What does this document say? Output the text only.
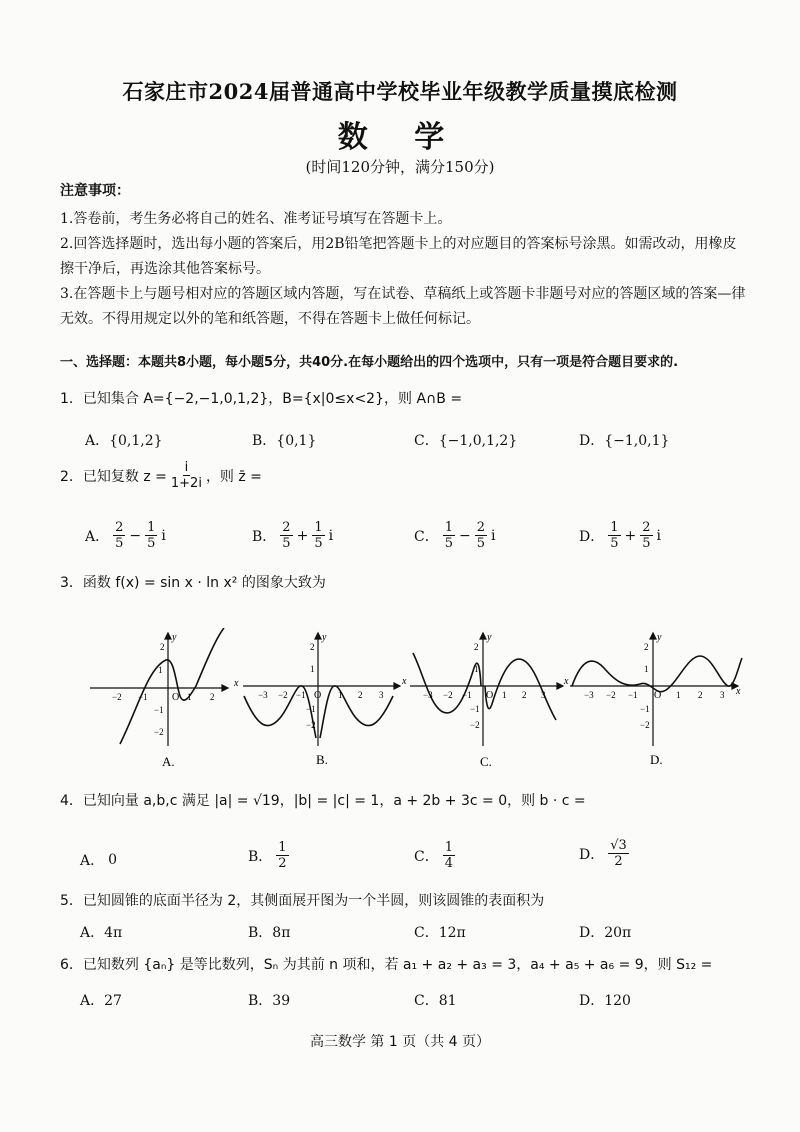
石家庄市2024届普通高中学校毕业年级教学质量摸底检测
数 学
(时间120分钟，满分150分)
注意事项：
1.答卷前，考生务必将自己的姓名、准考证号填写在答题卡上。
2.回答选择题时，选出每小题的答案后，用2B铅笔把答题卡上的对应题目的答案标号涂黑。如需改动，用橡皮擦干净后，再选涂其他答案标号。
3.在答题卡上与题号相对应的答题区域内答题，写在试卷、草稿纸上或答题卡非题号对应的答题区域的答案—律无效。不得用规定以外的笔和纸答题，不得在答题卡上做任何标记。
一、选择题：本题共8小题，每小题5分，共40分.在每小题给出的四个选项中，只有一项是符合题目要求的.
1．已知集合 A={−2,−1,0,1,2}，B={x|0≤x<2}，则 A∩B =
A．{0,1,2}	B．{0,1}	C．{−1,0,1,2}	D．{−1,0,1}
2．已知复数 $z = \frac{i}{1+2i}$ ，则 z̄ =
A． $\frac{2}{5} - \frac{1}{5}$ i	B． $\frac{2}{5} + \frac{1}{5}$ i	C． $\frac{1}{5} - \frac{2}{5}$ i	D． $\frac{1}{5} + \frac{2}{5}$ i
3．函数 f(x) = sin x · ln x² 的图象大致为
x
y
O
−2 −1	1 2
1
−1
−2
2
x
y
O
−3 −2 −1	1 2 3
2
1
−1
−2
x
y
O
−3 −2 −1	1 2 3
2
1
−1
−2
x
y
O
−3 −2 −1	1 2 3
2
1
−1
−2
A.	B.	C.	D.
4．已知向量 a,b,c 满足 |a| = √19，|b| = |c| = 1，a + 2b + 3c = 0，则 b · c =
A． 0	B． $\frac{1}{2}$	C． $\frac{1}{4}$	D． $\frac{√3}{2}$
5．已知圆锥的底面半径为 2，其侧面展开图为一个半圆，则该圆锥的表面积为
A．4π	B．8π	C．12π	D．20π
6．已知数列 {aₙ} 是等比数列，Sₙ 为其前 n 项和，若 a₁ + a₂ + a₃ = 3，a₄ + a₅ + a₆ = 9，则 S₁₂ =
A．27	B．39	C．81	D．120
高三数学 第 1 页（共 4 页）
